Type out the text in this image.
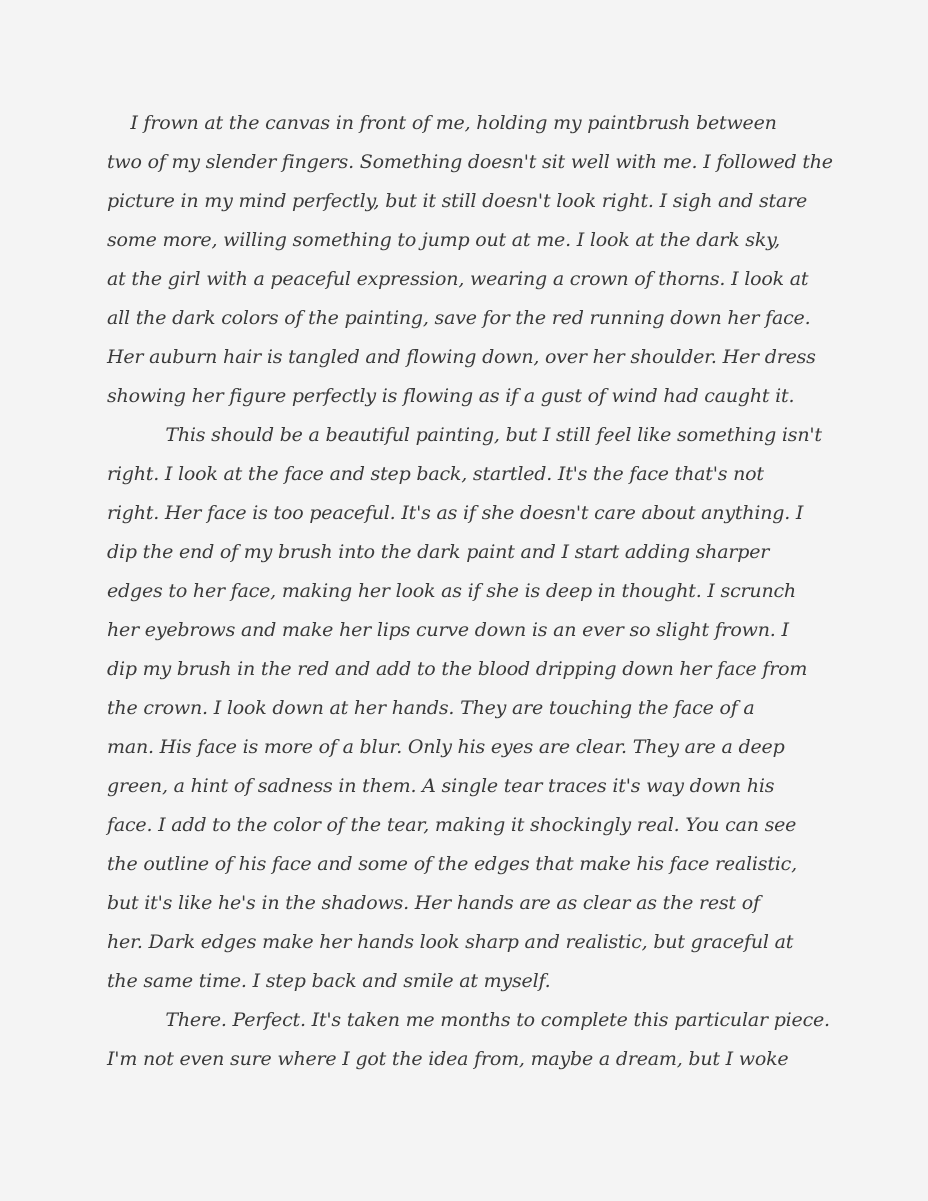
I frown at the canvas in front of me, holding my paintbrush between
two of my slender fingers. Something doesn't sit well with me. I followed the
picture in my mind perfectly, but it still doesn't look right. I sigh and stare
some more, willing something to jump out at me. I look at the dark sky,
at the girl with a peaceful expression, wearing a crown of thorns. I look at
all the dark colors of the painting, save for the red running down her face.
Her auburn hair is tangled and flowing down, over her shoulder. Her dress
showing her figure perfectly is flowing as if a gust of wind had caught it.
This should be a beautiful painting, but I still feel like something isn't
right. I look at the face and step back, startled. It's the face that's not
right. Her face is too peaceful. It's as if she doesn't care about anything. I
dip the end of my brush into the dark paint and I start adding sharper
edges to her face, making her look as if she is deep in thought. I scrunch
her eyebrows and make her lips curve down is an ever so slight frown. I
dip my brush in the red and add to the blood dripping down her face from
the crown. I look down at her hands. They are touching the face of a
man. His face is more of a blur. Only his eyes are clear. They are a deep
green, a hint of sadness in them. A single tear traces it's way down his
face. I add to the color of the tear, making it shockingly real. You can see
the outline of his face and some of the edges that make his face realistic,
but it's like he's in the shadows. Her hands are as clear as the rest of
her. Dark edges make her hands look sharp and realistic, but graceful at
the same time. I step back and smile at myself.
There. Perfect. It's taken me months to complete this particular piece.
I'm not even sure where I got the idea from, maybe a dream, but I woke
